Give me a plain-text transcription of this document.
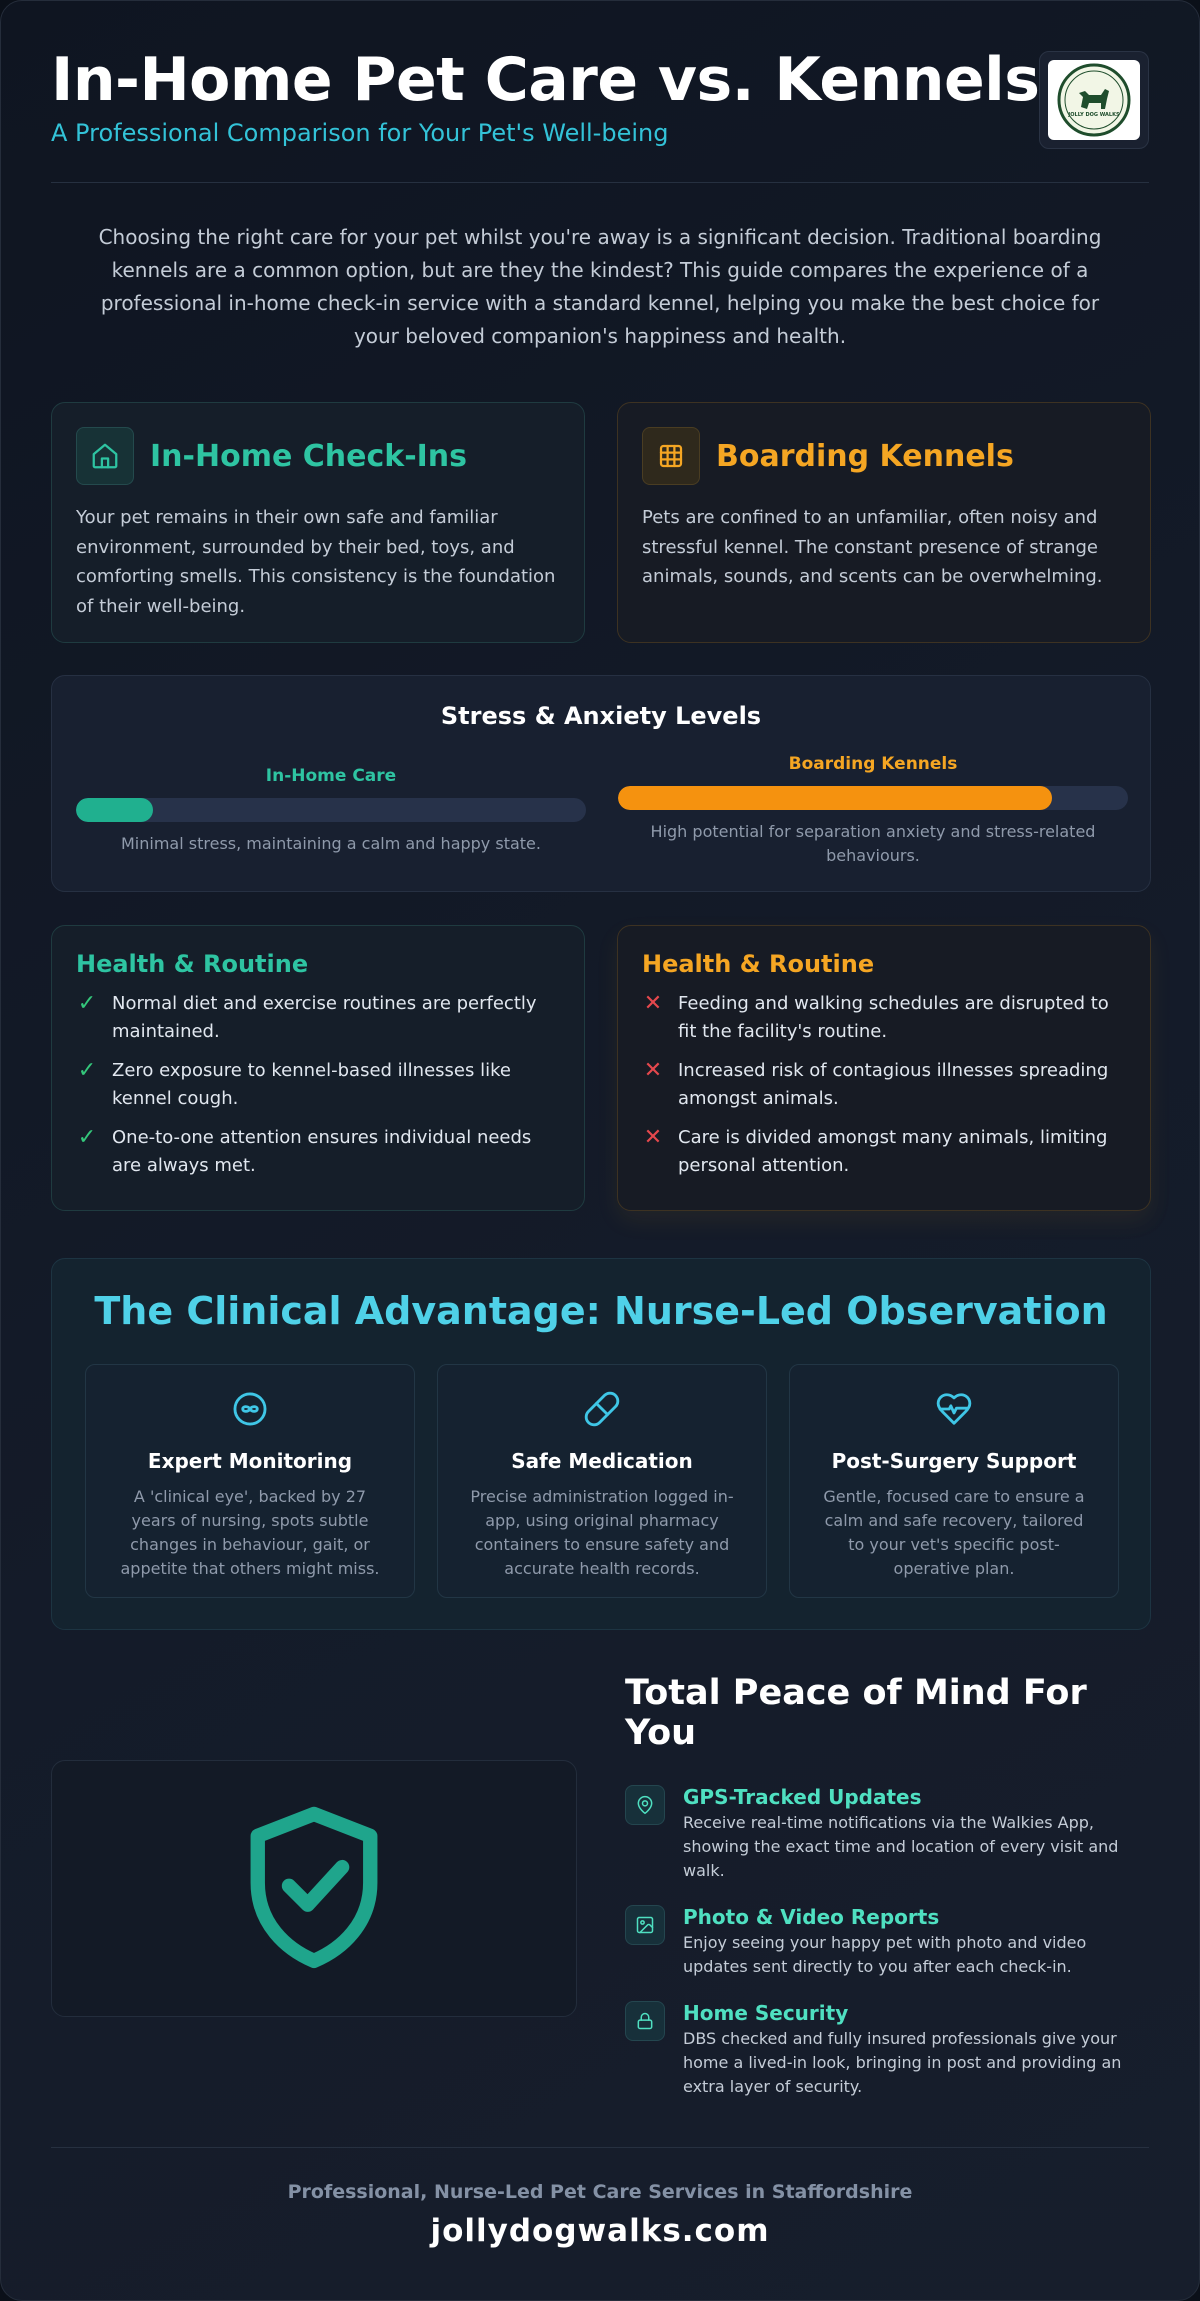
In-Home Pet Care vs. Kennels
A Professional Comparison for Your Pet's Well-being
JOLLY DOG WALKS

Choosing the right care for your pet whilst you're away is a significant decision. Traditional boarding kennels are a common option, but are they the kindest? This guide compares the experience of a professional in-home check-in service with a standard kennel, helping you make the best choice for your beloved companion's happiness and health.

In-Home Check-Ins

Your pet remains in their own safe and familiar environment, surrounded by their bed, toys, and comforting smells. This consistency is the foundation of their well-being.

Boarding Kennels

Pets are confined to an unfamiliar, often noisy and stressful kennel. The constant presence of strange animals, sounds, and scents can be overwhelming.

Stress & Anxiety Levels
In-Home Care
Minimal stress, maintaining a calm and happy state.
Boarding Kennels
High potential for separation anxiety and stress-related behaviours.
Health & Routine
✓ Normal diet and exercise routines are perfectly maintained.
✓ Zero exposure to kennel-based illnesses like kennel cough.
✓ One-to-one attention ensures individual needs are always met.
Health & Routine
✕ Feeding and walking schedules are disrupted to fit the facility's routine.
✕ Increased risk of contagious illnesses spreading amongst animals.
✕ Care is divided amongst many animals, limiting personal attention.
The Clinical Advantage: Nurse-Led Observation
Expert Monitoring
A 'clinical eye', backed by 27 years of nursing, spots subtle changes in behaviour, gait, or appetite that others might miss.
Safe Medication
Precise administration logged in-app, using original pharmacy containers to ensure safety and accurate health records.
Post-Surgery Support
Gentle, focused care to ensure a calm and safe recovery, tailored to your vet's specific post-operative plan.
Total Peace of Mind For You
GPS-Tracked Updates
Receive real-time notifications via the Walkies App, showing the exact time and location of every visit and walk.
Photo & Video Reports
Enjoy seeing your happy pet with photo and video updates sent directly to you after each check-in.
Home Security
DBS checked and fully insured professionals give your home a lived-in look, bringing in post and providing an extra layer of security.
Professional, Nurse-Led Pet Care Services in Staffordshire
jollydogwalks.com
